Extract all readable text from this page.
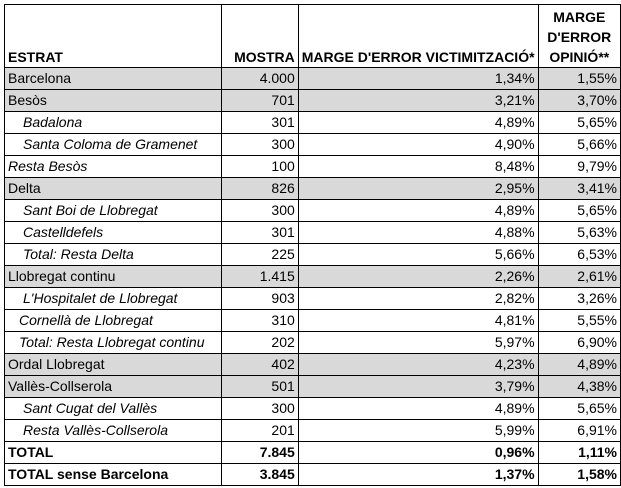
ESTRAT	MOSTRA	MARGE D'ERROR VICTIMITZACIÓ*	MARGE D'ERROR OPINIÓ**
Barcelona	4.000	1,34%	1,55%
Besòs	701	3,21%	3,70%
Badalona	301	4,89%	5,65%
Santa Coloma de Gramenet	300	4,90%	5,66%
Resta Besòs	100	8,48%	9,79%
Delta	826	2,95%	3,41%
Sant Boi de Llobregat	300	4,89%	5,65%
Castelldefels	301	4,88%	5,63%
Total: Resta Delta	225	5,66%	6,53%
Llobregat continu	1.415	2,26%	2,61%
L'Hospitalet de Llobregat	903	2,82%	3,26%
Cornellà de Llobregat	310	4,81%	5,55%
Total: Resta Llobregat continu	202	5,97%	6,90%
Ordal Llobregat	402	4,23%	4,89%
Vallès-Collserola	501	3,79%	4,38%
Sant Cugat del Vallès	300	4,89%	5,65%
Resta Vallès-Collserola	201	5,99%	6,91%
TOTAL	7.845	0,96%	1,11%
TOTAL sense Barcelona	3.845	1,37%	1,58%
